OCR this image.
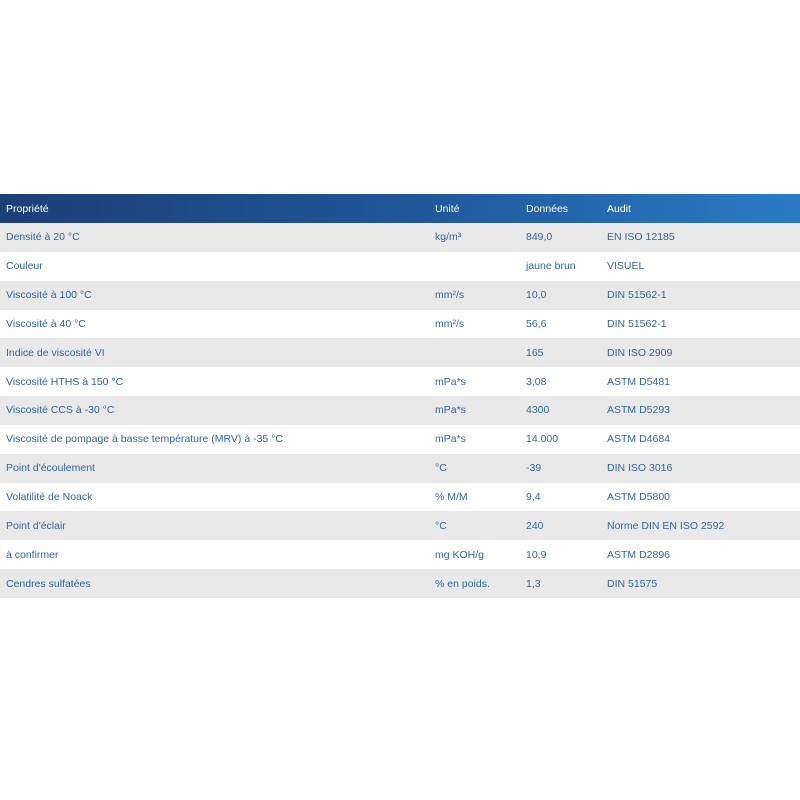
Propriété	Unité	Données	Audit
Densité à 20 °C	kg/m³	849,0	EN ISO 12185
Couleur		jaune brun	VISUEL
Viscosité à 100 °C	mm²/s	10,0	DIN 51562-1
Viscosité à 40 °C	mm²/s	56,6	DIN 51562-1
Indice de viscosité VI		165	DIN ISO 2909
Viscosité HTHS à 150 °C	mPa*s	3,08	ASTM D5481
Viscosité CCS à -30 °C	mPa*s	4300	ASTM D5293
Viscosité de pompage à basse température (MRV) à -35 °C	mPa*s	14.000	ASTM D4684
Point d'écoulement	°C	-39	DIN ISO 3016
Volatilité de Noack	% M/M	9,4	ASTM D5800
Point d'éclair	°C	240	Norme DIN EN ISO 2592
à confirmer	mg KOH/g	10,9	ASTM D2896
Cendres sulfatées	% en poids.	1,3	DIN 51575
